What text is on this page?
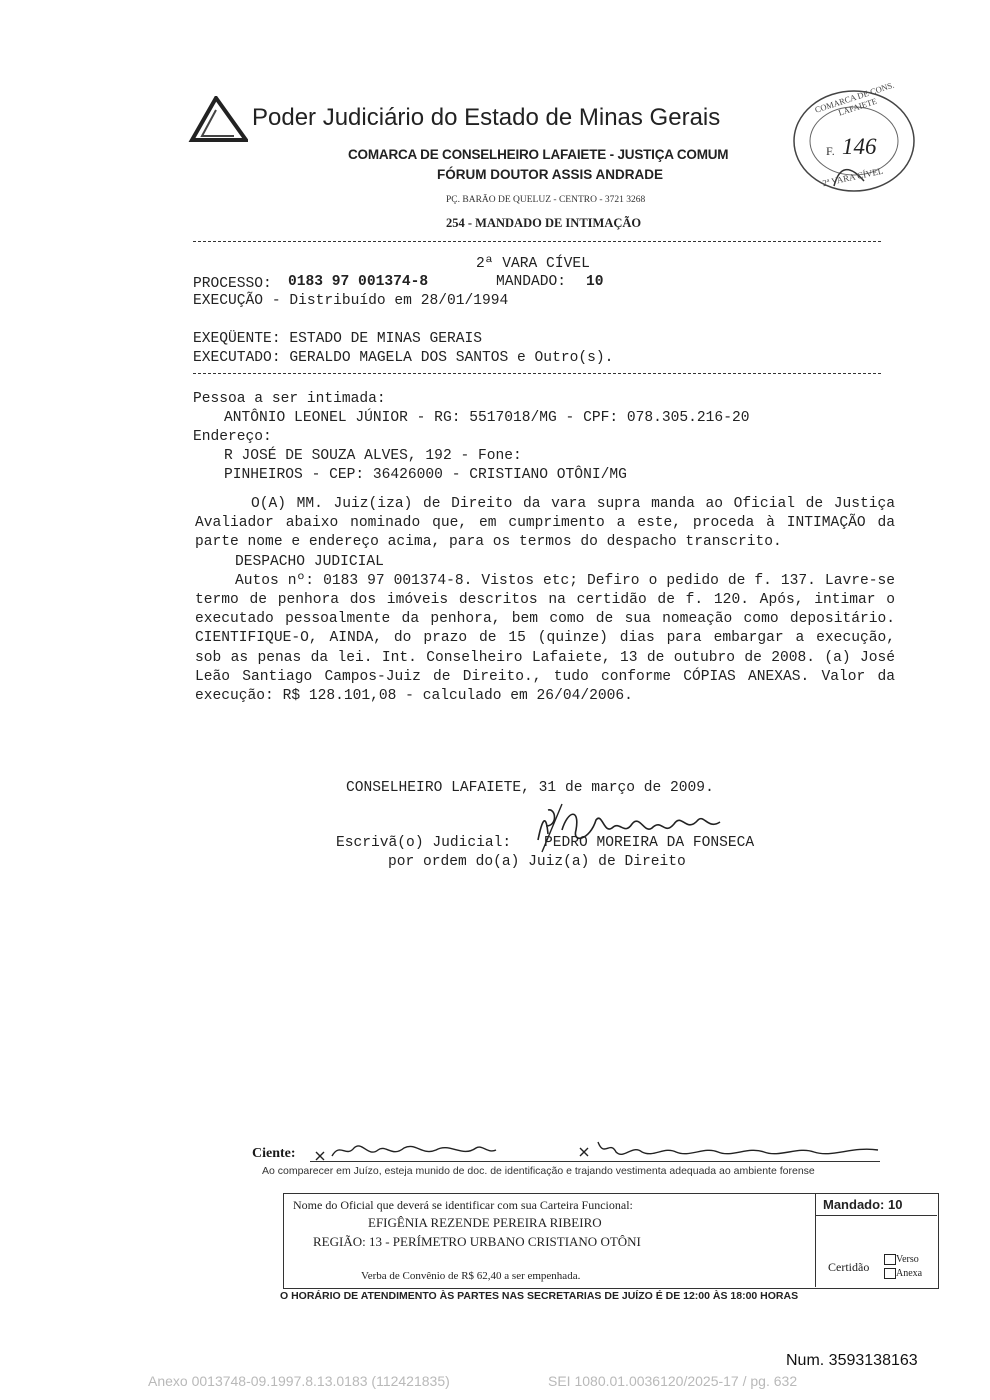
Poder Judiciário do Estado de Minas Gerais
COMARCA DE CONSELHEIRO LAFAIETE - JUSTIÇA COMUM
FÓRUM DOUTOR ASSIS ANDRADE
PÇ. BARÃO DE QUELUZ - CENTRO - 3721 3268
254 - MANDADO DE INTIMAÇÃO
COMARCA DE CONS. LAFAIETE
F. 146
2ª VARA CÍVEL
2ª VARA CÍVEL
PROCESSO: 0183 97 001374-8	MANDADO: 10
EXECUÇÃO - Distribuído em 28/01/1994
EXEQÜENTE: ESTADO DE MINAS GERAIS
EXECUTADO: GERALDO MAGELA DOS SANTOS e Outro(s).
Pessoa a ser intimada:
ANTÔNIO LEONEL JÚNIOR - RG: 5517018/MG - CPF: 078.305.216-20
Endereço:
R JOSÉ DE SOUZA ALVES, 192 - Fone:
PINHEIROS - CEP: 36426000 - CRISTIANO OTÔNI/MG

O(A) MM. Juiz(iza) de Direito da vara supra manda ao Oficial de Justiça Avaliador abaixo nominado que, em cumprimento a este, proceda à INTIMAÇÃO da parte nome e endereço acima, para os termos do despacho transcrito.

DESPACHO JUDICIAL

Autos nº: 0183 97 001374-8. Vistos etc; Defiro o pedido de f. 137. Lavre-se termo de penhora dos imóveis descritos na certidão de f. 120. Após, intimar o executado pessoalmente da penhora, bem como de sua nomeação como depositário. CIENTIFIQUE-O, AINDA, do prazo de 15 (quinze) dias para embargar a execução, sob as penas da lei. Int. Conselheiro Lafaiete, 13 de outubro de 2008. (a) José Leão Santiago Campos-Juiz de Direito., tudo conforme CÓPIAS ANEXAS. Valor da execução: R$ 128.101,08 - calculado em 26/04/2006.

CONSELHEIRO LAFAIETE, 31 de março de 2009.
Escrivã(o) Judicial: PEDRO MOREIRA DA FONSECA
por ordem do(a) Juiz(a) de Direito
Ciente:
Ao comparecer em Juízo, esteja munido de doc. de identificação e trajando vestimenta adequada ao ambiente forense
Nome do Oficial que deverá se identificar com sua Carteira Funcional:
EFIGÊNIA REZENDE PEREIRA RIBEIRO
REGIÃO: 13 - PERÍMETRO URBANO CRISTIANO OTÔNI
Verba de Convênio de R$ 62,40 a ser empenhada.
Mandado: 10
Certidão
Verso
Anexa
O HORÁRIO DE ATENDIMENTO ÀS PARTES NAS SECRETARIAS DE JUÍZO É DE 12:00 ÀS 18:00 HORAS
Num. 3593138163
Anexo 0013748-09.1997.8.13.0183 (112421835)	SEI 1080.01.0036120/2025-17 / pg. 632
